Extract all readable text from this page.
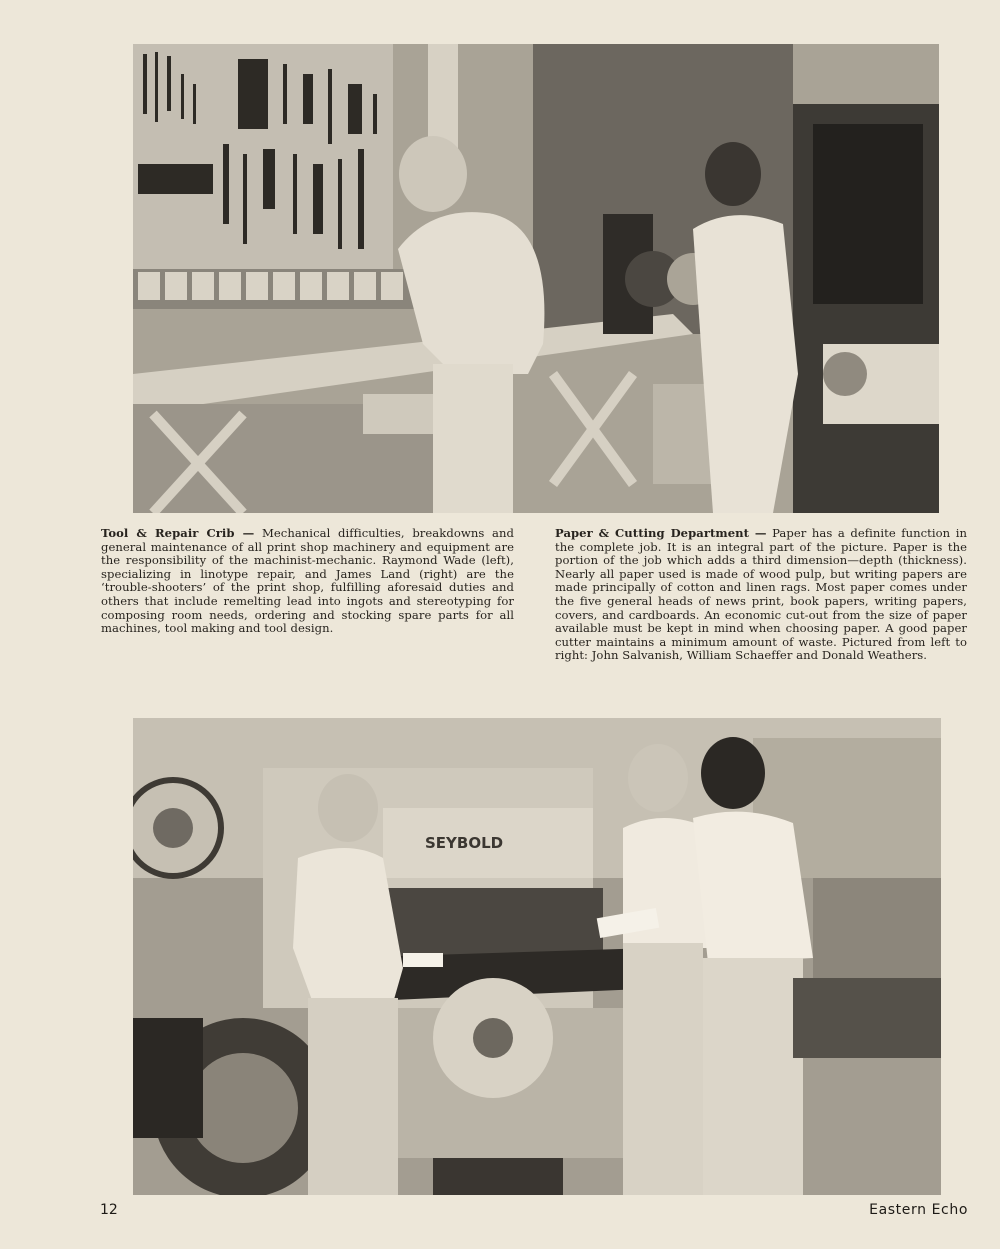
Tool & Repair Crib — Mechanical difficulties, breakdowns and general maintenance of all print shop machinery and equipment are the responsibility of the machinist-mechanic. Raymond Wade (left), specializing in linotype repair, and James Land (right) are the ‘trouble-shooters’ of the print shop, fulfilling aforesaid duties and others that include remelting lead into ingots and stereotyping for composing room needs, ordering and stocking spare parts for all machines, tool making and tool design.
Paper & Cutting Department — Paper has a definite function in the complete job. It is an integral part of the picture. Paper is the portion of the job which adds a third dimension—depth (thickness). Nearly all paper used is made of wood pulp, but writing papers are made principally of cotton and linen rags. Most paper comes under the five general heads of news print, book papers, writing papers, covers, and cardboards. An economic cut-out from the size of paper available must be kept in mind when choosing paper. A good paper cutter maintains a minimum amount of waste. Pictured from left to right: John Salvanish, William Schaeffer and Donald Weathers.
SEYBOLD
12	Eastern Echo
